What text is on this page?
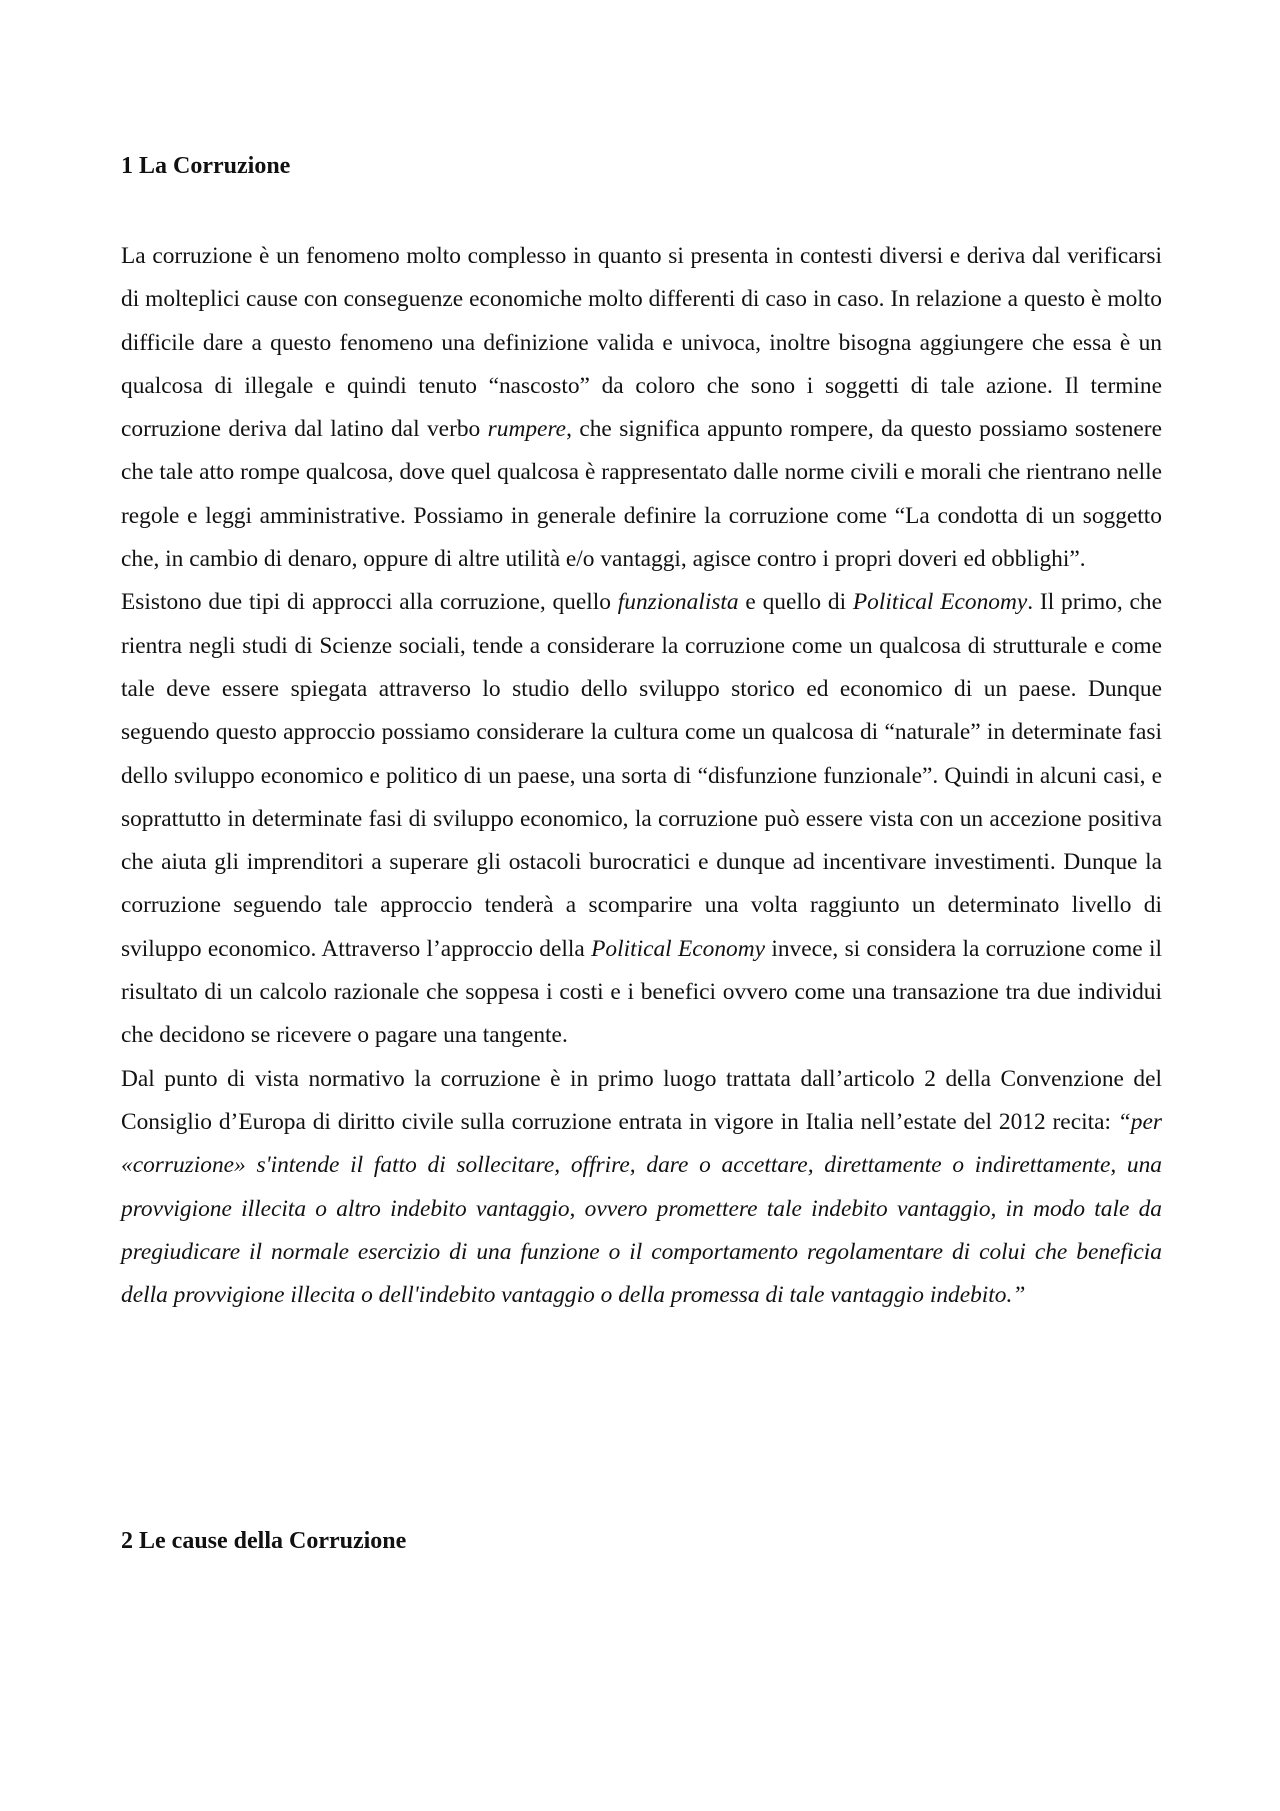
1 La Corruzione

La corruzione è un fenomeno molto complesso in quanto si presenta in contesti diversi e deriva dal verificarsi di molteplici cause con conseguenze economiche molto differenti di caso in caso. In relazione a questo è molto difficile dare a questo fenomeno una definizione valida e univoca, inoltre bisogna aggiungere che essa è un qualcosa di illegale e quindi tenuto “nascosto” da coloro che sono i soggetti di tale azione. Il termine corruzione deriva dal latino dal verbo rumpere, che significa appunto rompere, da questo possiamo sostenere che tale atto rompe qualcosa, dove quel qualcosa è rappresentato dalle norme civili e morali che rientrano nelle regole e leggi amministrative. Possiamo in generale definire la corruzione come “La condotta di un soggetto che, in cambio di denaro, oppure di altre utilità e/o vantaggi, agisce contro i propri doveri ed obblighi”.

Esistono due tipi di approcci alla corruzione, quello funzionalista e quello di Political Economy. Il primo, che rientra negli studi di Scienze sociali, tende a considerare la corruzione come un qualcosa di strutturale e come tale deve essere spiegata attraverso lo studio dello sviluppo storico ed economico di un paese. Dunque seguendo questo approccio possiamo considerare la cultura come un qualcosa di “naturale” in determinate fasi dello sviluppo economico e politico di un paese, una sorta di “disfunzione funzionale”. Quindi in alcuni casi, e soprattutto in determinate fasi di sviluppo economico, la corruzione può essere vista con un accezione positiva che aiuta gli imprenditori a superare gli ostacoli burocratici e dunque ad incentivare investimenti. Dunque la corruzione seguendo tale approccio tenderà a scomparire una volta raggiunto un determinato livello di sviluppo economico. Attraverso l’approccio della Political Economy invece, si considera la corruzione come il risultato di un calcolo razionale che soppesa i costi e i benefici ovvero come una transazione tra due individui che decidono se ricevere o pagare una tangente.

Dal punto di vista normativo la corruzione è in primo luogo trattata dall’articolo 2 della Convenzione del Consiglio d’Europa di diritto civile sulla corruzione entrata in vigore in Italia nell’estate del 2012 recita: “per «corruzione» s'intende il fatto di sollecitare, offrire, dare o accettare, direttamente o indirettamente, una provvigione illecita o altro indebito vantaggio, ovvero promettere tale indebito vantaggio, in modo tale da pregiudicare il normale esercizio di una funzione o il comportamento regolamentare di colui che beneficia della provvigione illecita o dell'indebito vantaggio o della promessa di tale vantaggio indebito.”

2 Le cause della Corruzione
